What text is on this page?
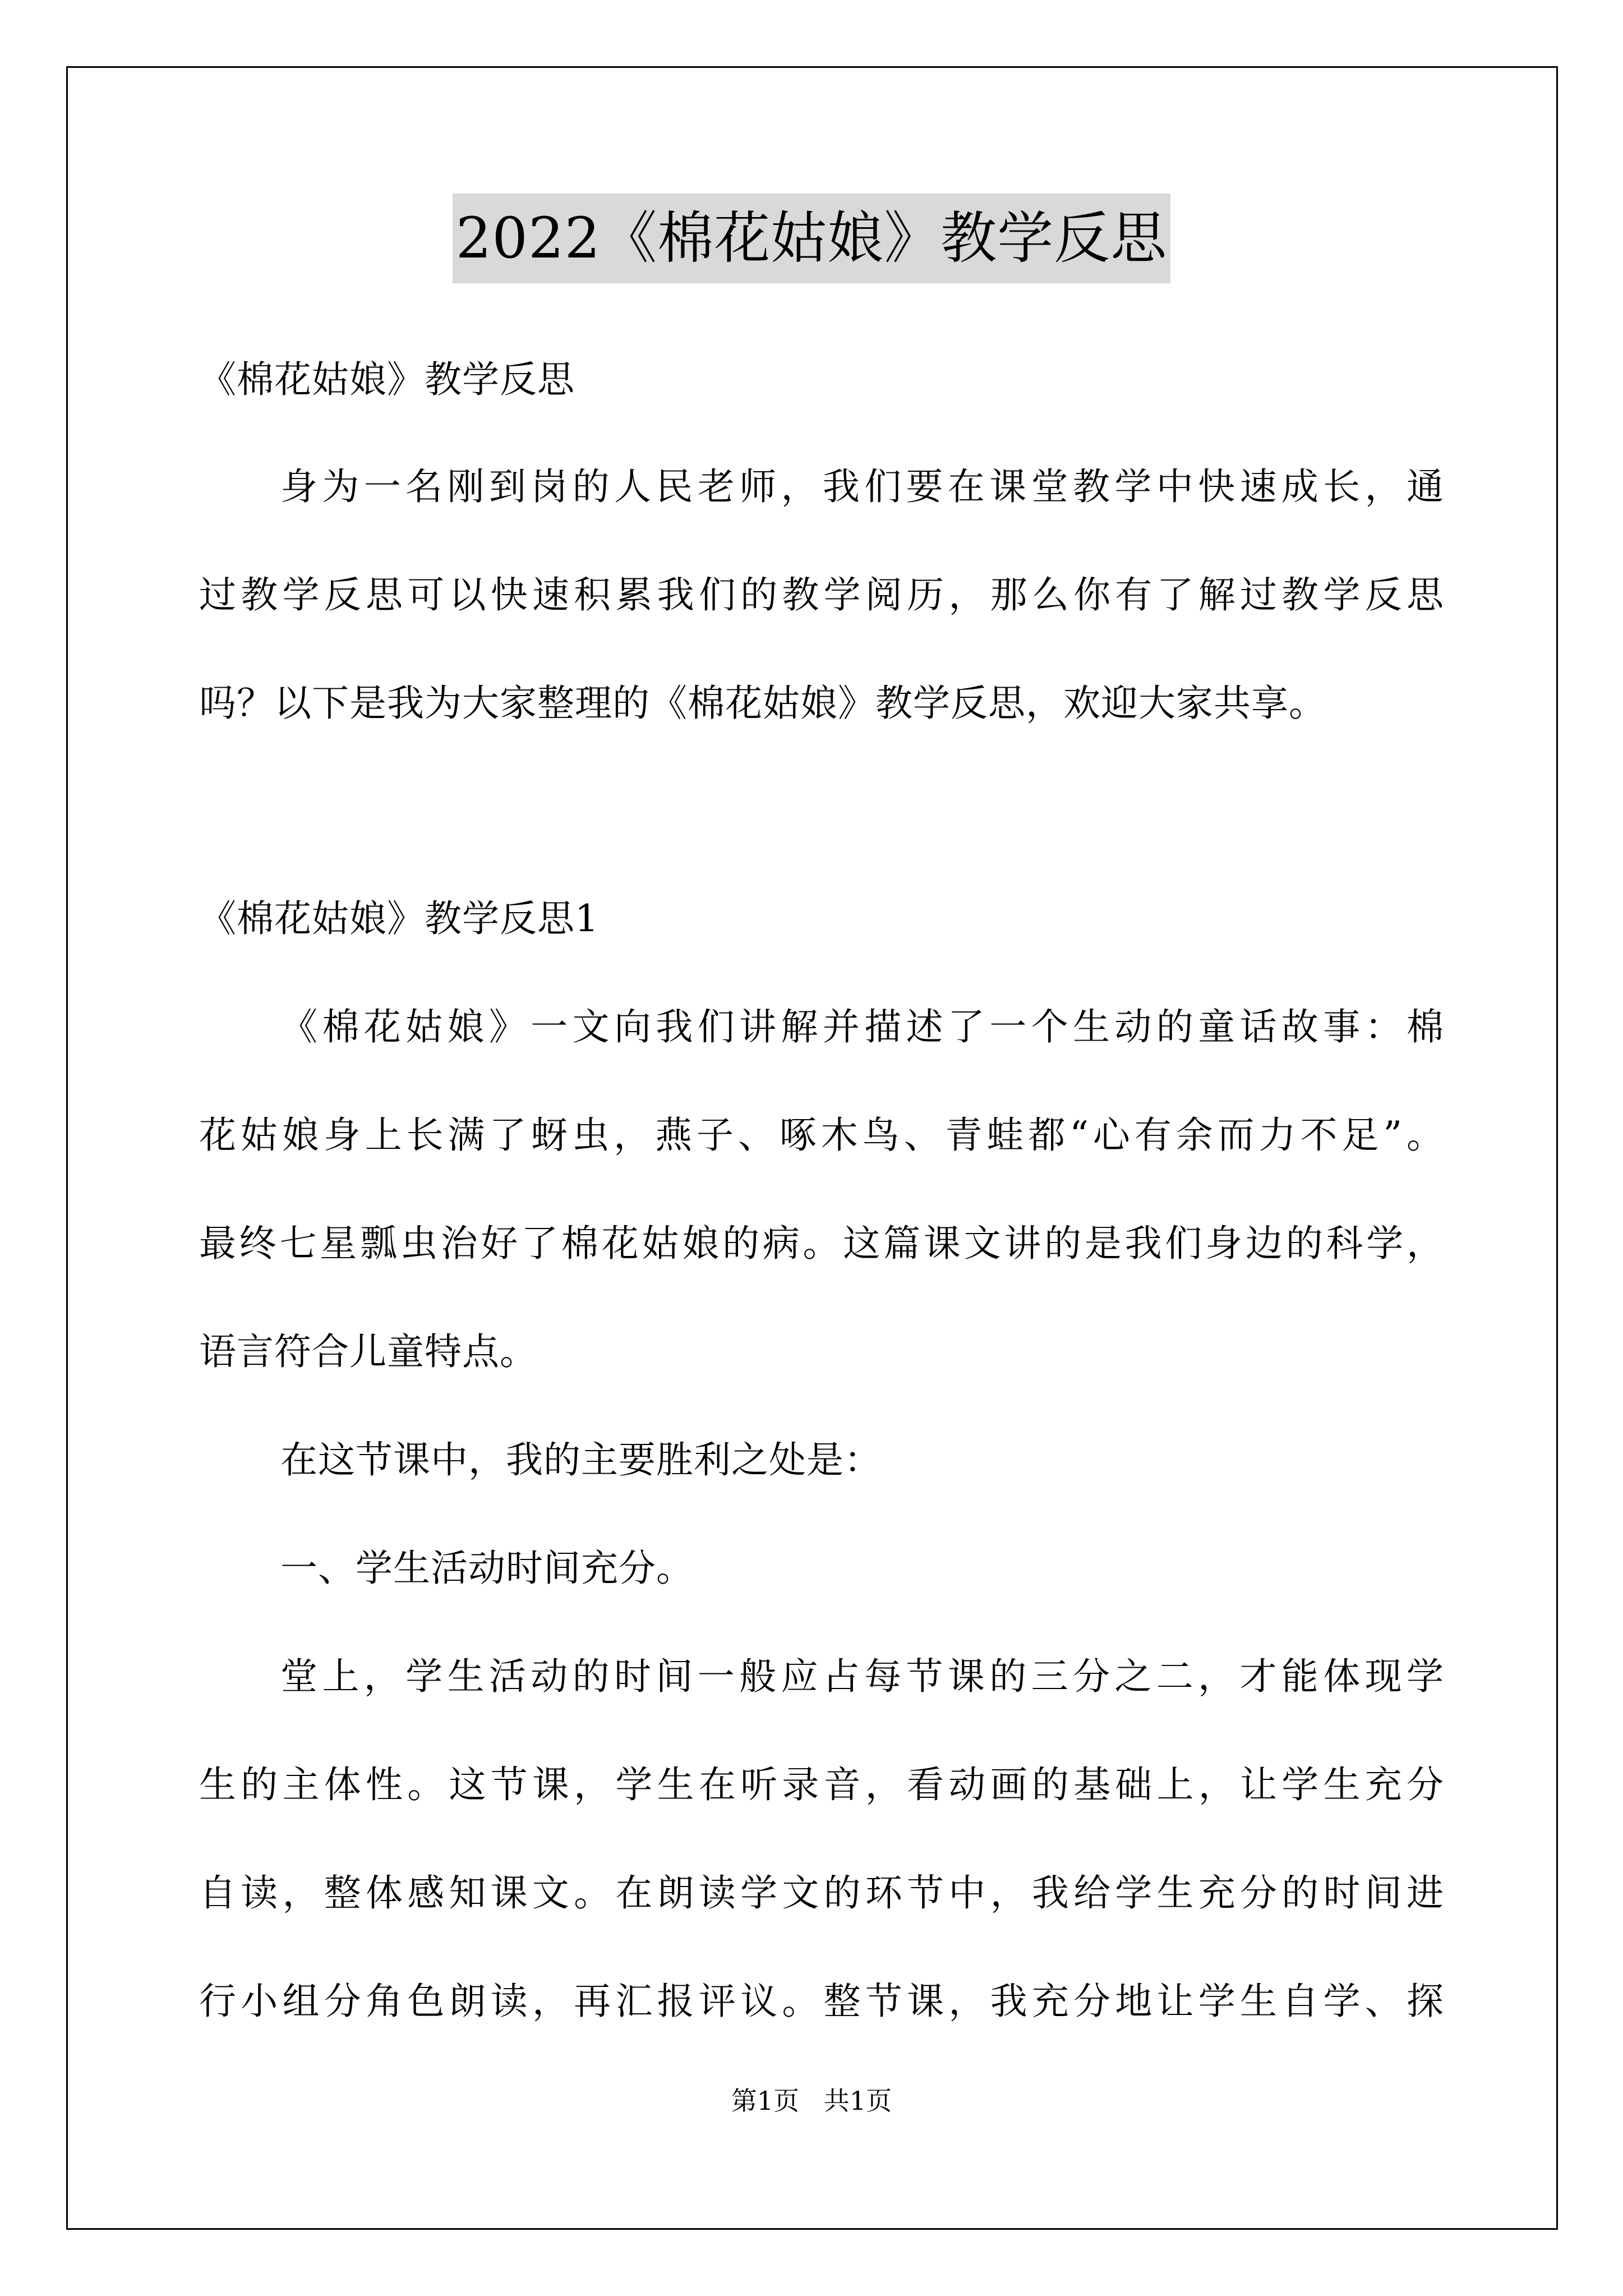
2022《棉花姑娘》教学反思
《棉花姑娘》教学反思
身为一名刚到岗的人民老师，我们要在课堂教学中快速成长，通
过教学反思可以快速积累我们的教学阅历，那么你有了解过教学反思
吗？以下是我为大家整理的《棉花姑娘》教学反思，欢迎大家共享。
《棉花姑娘》教学反思1
《棉花姑娘》一文向我们讲解并描述了一个生动的童话故事：棉
花姑娘身上长满了蚜虫，燕子、啄木鸟、青蛙都“心有余而力不足”。
最终七星瓢虫治好了棉花姑娘的病。这篇课文讲的是我们身边的科学，
语言符合儿童特点。
在这节课中，我的主要胜利之处是：
一、学生活动时间充分。
堂上，学生活动的时间一般应占每节课的三分之二，才能体现学
生的主体性。这节课，学生在听录音，看动画的基础上，让学生充分
自读，整体感知课文。在朗读学文的环节中，我给学生充分的时间进
行小组分角色朗读，再汇报评议。整节课，我充分地让学生自学、探
第1页   共1页
